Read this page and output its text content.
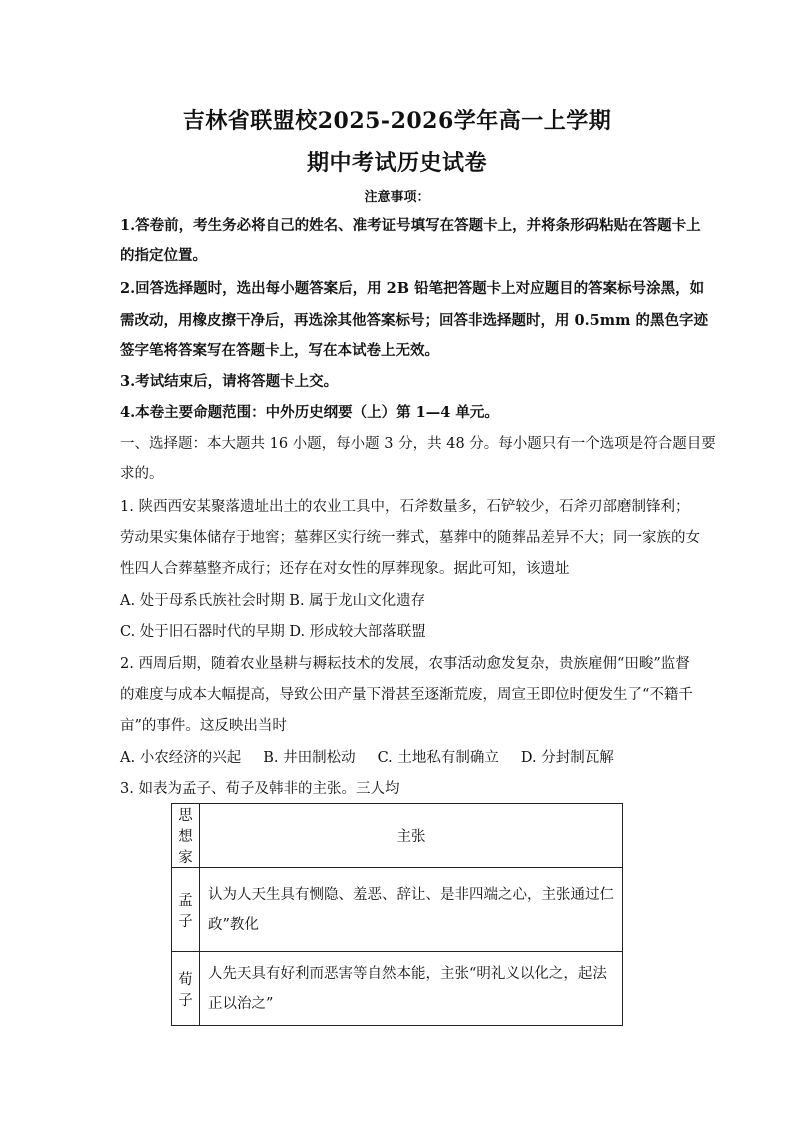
吉林省联盟校2025-2026学年高一上学期
期中考试历史试卷
注意事项：
1.答卷前，考生务必将自己的姓名、准考证号填写在答题卡上，并将条形码粘贴在答题卡上
的指定位置。
2.回答选择题时，选出每小题答案后，用 2B 铅笔把答题卡上对应题目的答案标号涂黑，如
需改动，用橡皮擦干净后，再选涂其他答案标号；回答非选择题时，用 0.5mm 的黑色字迹
签字笔将答案写在答题卡上，写在本试卷上无效。
3.考试结束后，请将答题卡上交。
4.本卷主要命题范围：中外历史纲要（上）第 1—4 单元。
一、选择题：本大题共 16 小题，每小题 3 分，共 48 分。每小题只有一个选项是符合题目要
求的。
1. 陕西西安某聚落遗址出土的农业工具中，石斧数量多，石铲较少，石斧刃部磨制锋利；
劳动果实集体储存于地窖；墓葬区实行统一葬式，墓葬中的随葬品差异不大；同一家族的女
性四人合葬墓整齐成行；还存在对女性的厚葬现象。据此可知，该遗址
A. 处于母系氏族社会时期 B. 属于龙山文化遗存
C. 处于旧石器时代的早期 D. 形成较大部落联盟
2. 西周后期，随着农业垦耕与耨耘技术的发展，农事活动愈发复杂，贵族雇佣“田畯”监督
的难度与成本大幅提高，导致公田产量下滑甚至逐渐荒废，周宣王即位时便发生了“不籍千
亩”的事件。这反映出当时
A. 小农经济的兴起 B. 井田制松动 C. 土地私有制确立 D. 分封制瓦解
3. 如表为孟子、荀子及韩非的主张。三人均
思想家	主张
孟子	认为人天生具有恻隐、羞恶、辞让、是非四端之心，主张通过仁
政”教化

荀子	人先天具有好利而恶害等自然本能，主张“明礼义以化之，起法
正以治之”
